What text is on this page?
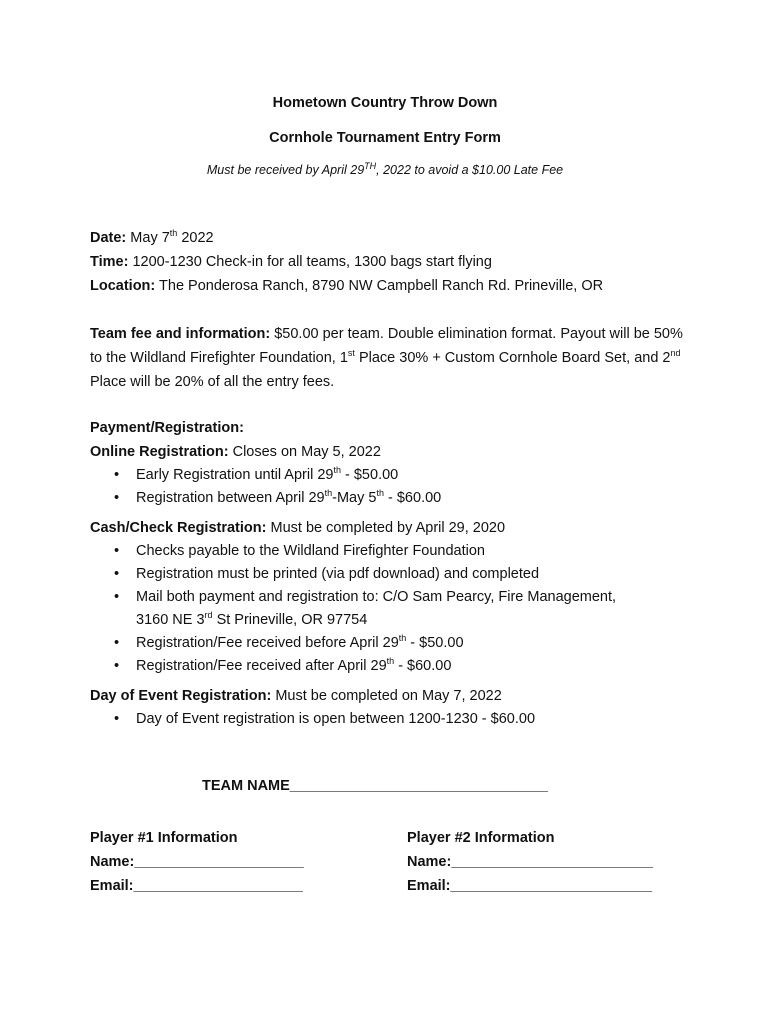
Hometown Country Throw Down
Cornhole Tournament Entry Form
Must be received by April 29TH, 2022 to avoid a $10.00 Late Fee
Date: May 7th 2022
Time: 1200-1230 Check-in for all teams, 1300 bags start flying
Location: The Ponderosa Ranch, 8790 NW Campbell Ranch Rd. Prineville, OR
Team fee and information: $50.00 per team. Double elimination format. Payout will be 50% to the Wildland Firefighter Foundation, 1st Place 30% + Custom Cornhole Board Set, and 2nd Place will be 20% of all the entry fees.
Payment/Registration:
Online Registration: Closes on May 5, 2022
• Early Registration until April 29th - $50.00
• Registration between April 29th-May 5th - $60.00
Cash/Check Registration: Must be completed by April 29, 2020
• Checks payable to the Wildland Firefighter Foundation
• Registration must be printed (via pdf download) and completed
• Mail both payment and registration to: C/O Sam Pearcy, Fire Management, 3160 NE 3rd St Prineville, OR 97754
• Registration/Fee received before April 29th - $50.00
• Registration/Fee received after April 29th - $60.00
Day of Event Registration: Must be completed on May 7, 2022
• Day of Event registration is open between 1200-1230 - $60.00
TEAM NAME________________________________
Player #1 Information
Name:_____________________
Email:_____________________
Player #2 Information
Name:_________________________
Email:_________________________
